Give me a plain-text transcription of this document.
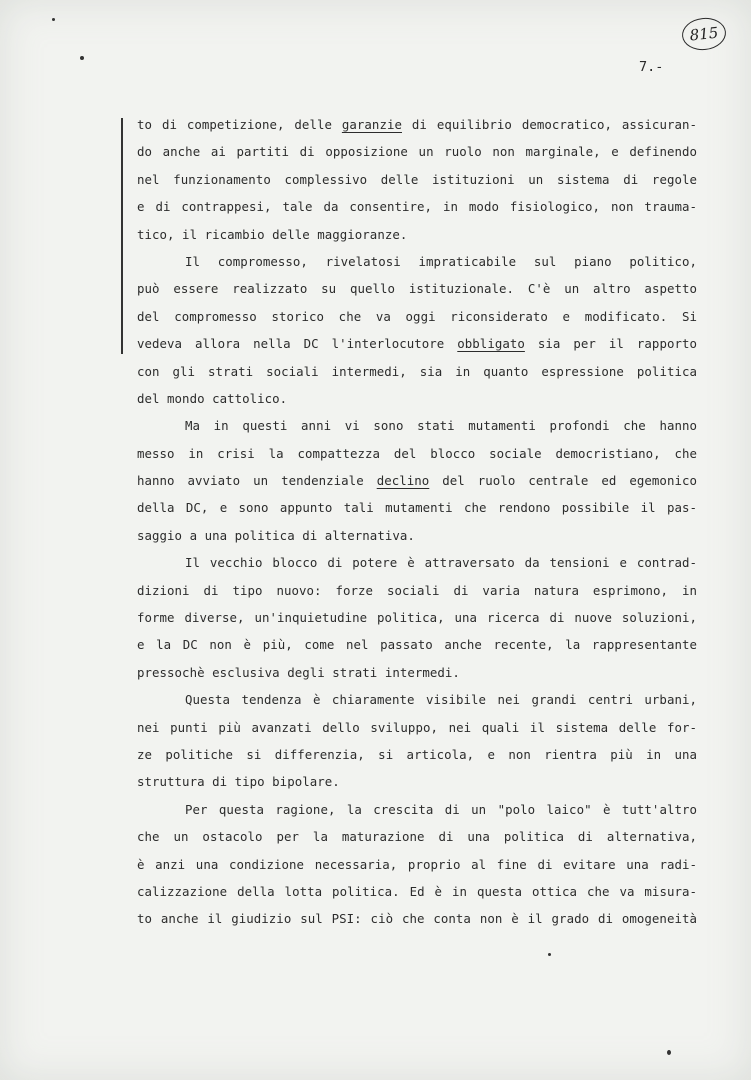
815
7.-
to di competizione, delle garanzie di equilibrio democratico, assicuran-
do anche ai partiti di opposizione un ruolo non marginale, e definendo
nel funzionamento complessivo delle istituzioni un sistema di regole
e di contrappesi, tale da consentire, in modo fisiologico, non trauma-
tico, il ricambio delle maggioranze.
Il compromesso, rivelatosi impraticabile sul piano politico,
può essere realizzato su quello istituzionale. C'è un altro aspetto
del compromesso storico che va oggi riconsiderato e modificato. Si
vedeva allora nella DC l'interlocutore obbligato sia per il rapporto
con gli strati sociali intermedi, sia in quanto espressione politica
del mondo cattolico.
Ma in questi anni vi sono stati mutamenti profondi che hanno
messo in crisi la compattezza del blocco sociale democristiano, che
hanno avviato un tendenziale declino del ruolo centrale ed egemonico
della DC, e sono appunto tali mutamenti che rendono possibile il pas-
saggio a una politica di alternativa.
Il vecchio blocco di potere è attraversato da tensioni e contrad-
dizioni di tipo nuovo: forze sociali di varia natura esprimono, in
forme diverse, un'inquietudine politica, una ricerca di nuove soluzioni,
e la DC non è più, come nel passato anche recente, la rappresentante
pressochè esclusiva degli strati intermedi.
Questa tendenza è chiaramente visibile nei grandi centri urbani,
nei punti più avanzati dello sviluppo, nei quali il sistema delle for-
ze politiche si differenzia, si articola, e non rientra più in una
struttura di tipo bipolare.
Per questa ragione, la crescita di un "polo laico" è tutt'altro
che un ostacolo per la maturazione di una politica di alternativa,
è anzi una condizione necessaria, proprio al fine di evitare una radi-
calizzazione della lotta politica. Ed è in questa ottica che va misura-
to anche il giudizio sul PSI: ciò che conta non è il grado di omogeneità
